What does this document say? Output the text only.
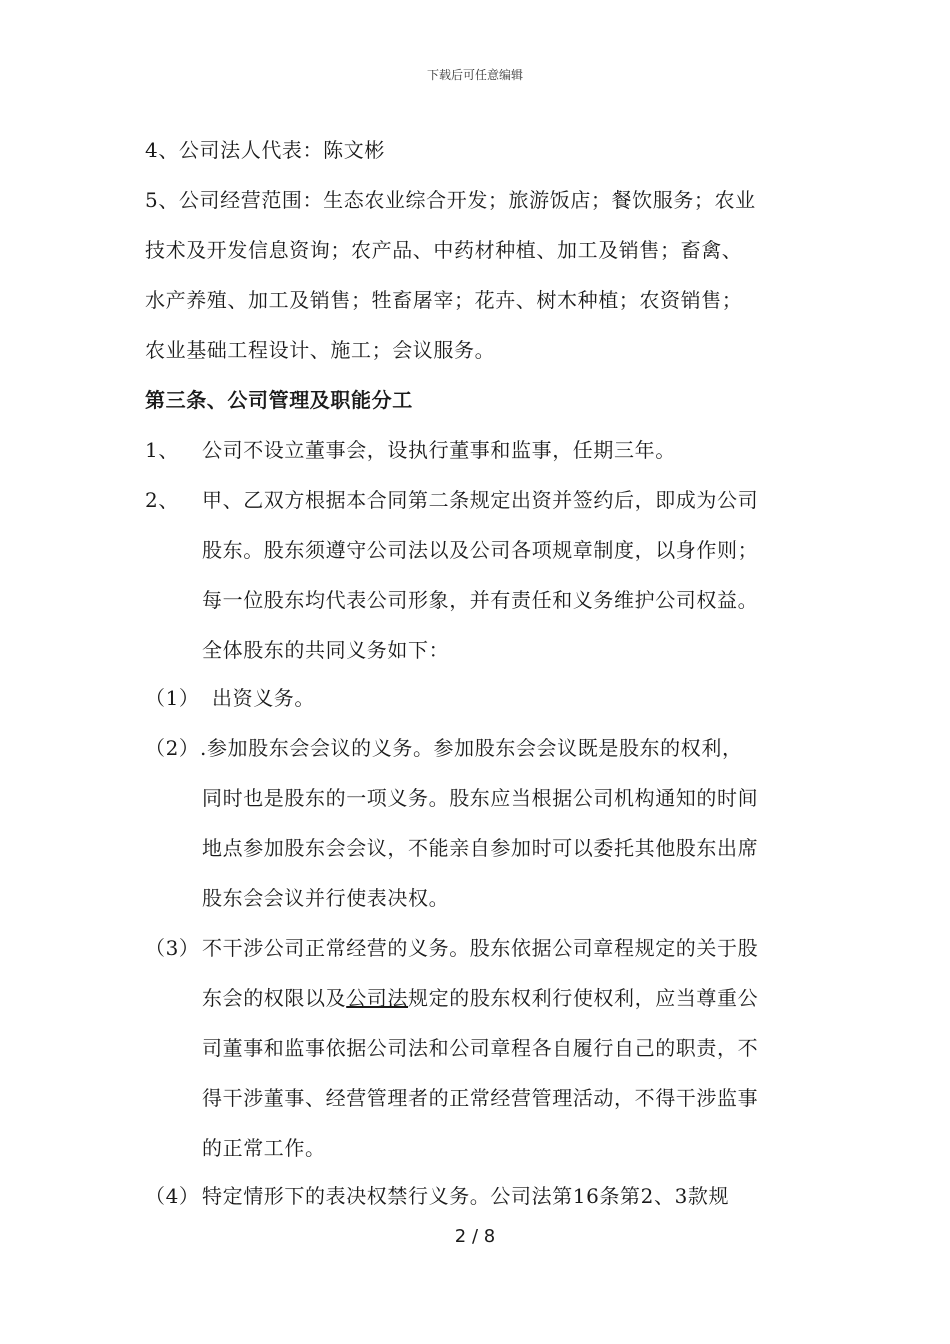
下载后可任意编辑
4、公司法人代表：陈文彬
5、公司经营范围：生态农业综合开发；旅游饭店；餐饮服务；农业
技术及开发信息资询；农产品、中药材种植、加工及销售；畜禽、
水产养殖、加工及销售；牲畜屠宰；花卉、树木种植；农资销售；
农业基础工程设计、施工；会议服务。
第三条、公司管理及职能分工
1、 公司不设立董事会，设执行董事和监事，任期三年。
2、 甲、乙双方根据本合同第二条规定出资并签约后，即成为公司
股东。股东须遵守公司法以及公司各项规章制度，以身作则；
每一位股东均代表公司形象，并有责任和义务维护公司权益。
全体股东的共同义务如下：
（1） 出资义务。
（2） .参加股东会会议的义务。参加股东会会议既是股东的权利，
同时也是股东的一项义务。股东应当根据公司机构通知的时间
地点参加股东会会议，不能亲自参加时可以委托其他股东出席
股东会会议并行使表决权。
（3） 不干涉公司正常经营的义务。股东依据公司章程规定的关于股
东会的权限以及公司法规定的股东权利行使权利，应当尊重公
司董事和监事依据公司法和公司章程各自履行自己的职责，不
得干涉董事、经营管理者的正常经营管理活动，不得干涉监事
的正常工作。
（4） 特定情形下的表决权禁行义务。公司法第16条第2、3款规
2 / 8
